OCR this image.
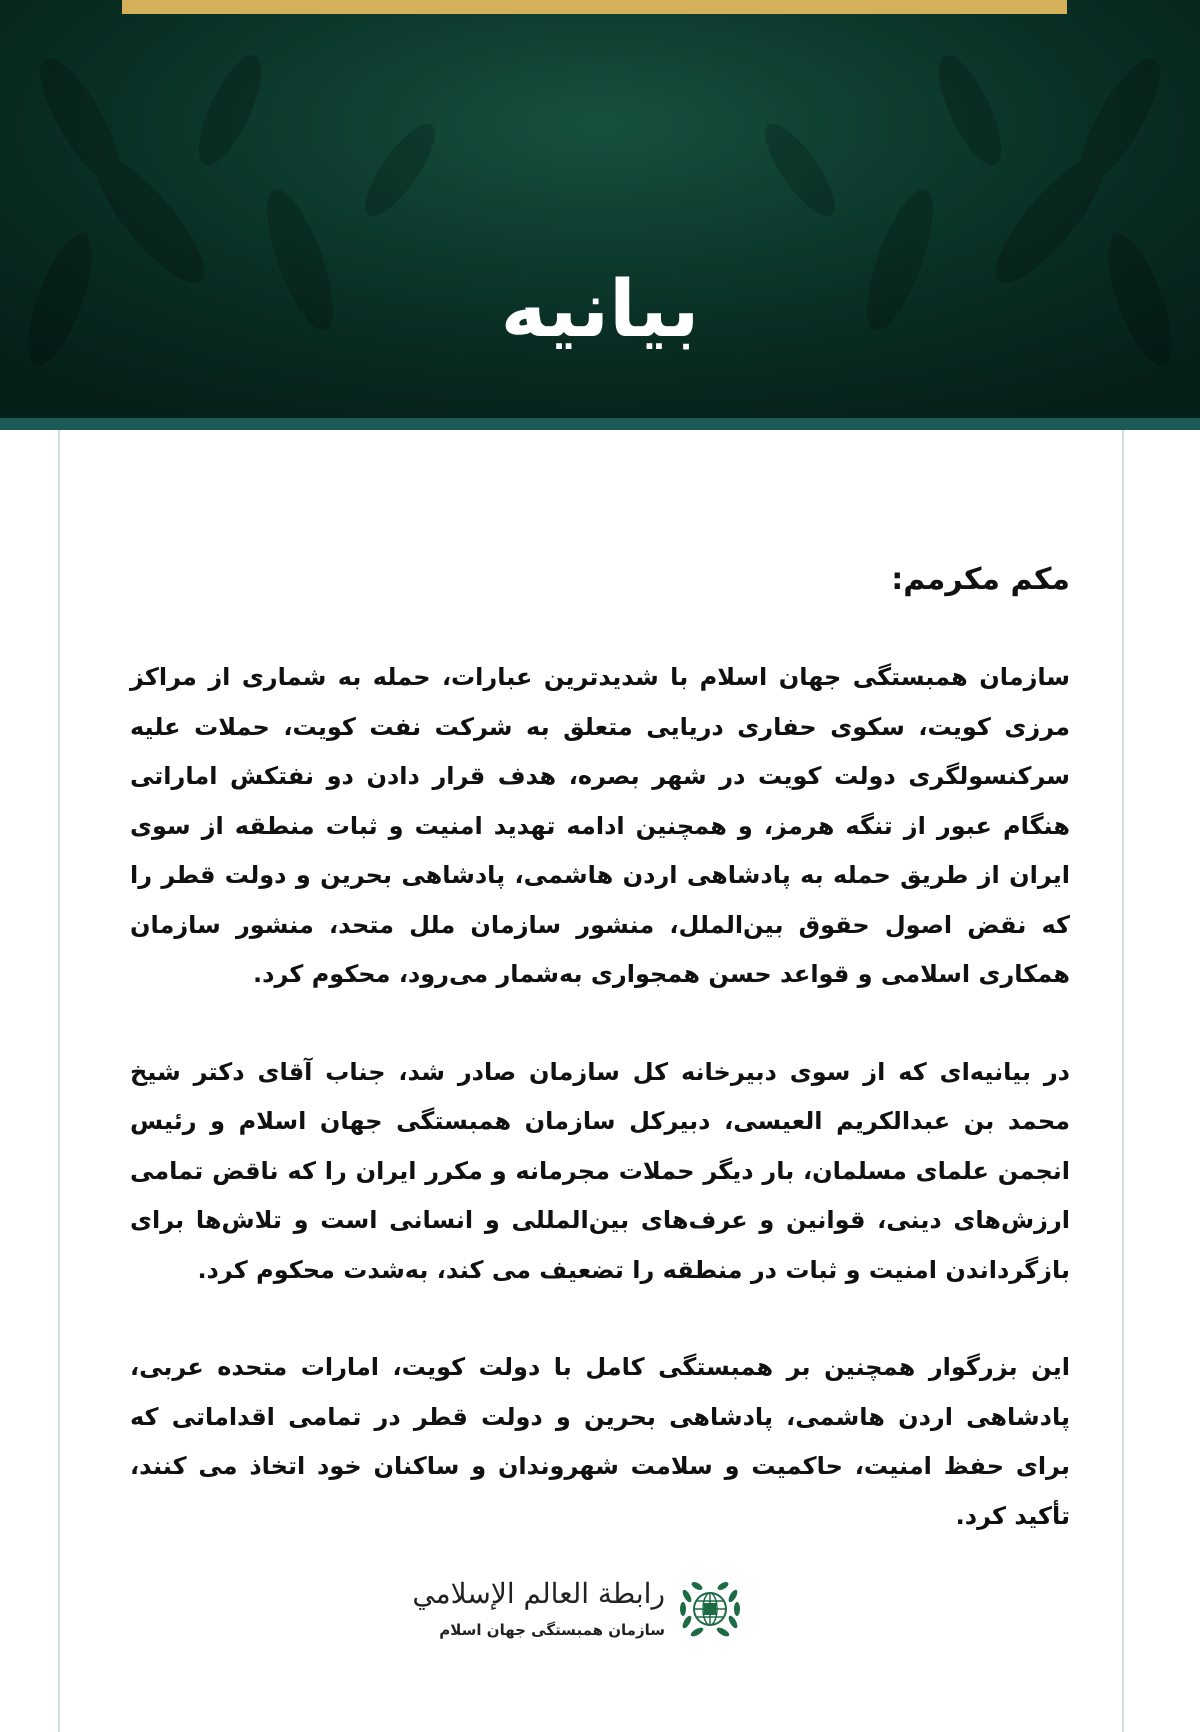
بیانیه

مکم مکرمم:

سازمان همبستگی جهان اسلام با شدیدترین عبارات، حمله به شماری از مراکز مرزی کویت، سکوی حفاری دریایی متعلق به شرکت نفت کویت، حملات علیه سرکنسولگری دولت کویت در شهر بصره، هدف قرار دادن دو نفتکش اماراتی هنگام عبور از تنگه هرمز، و همچنین ادامه تهدید امنیت و ثبات منطقه از سوی ایران از طریق حمله به پادشاهی اردن هاشمی، پادشاهی بحرین و دولت قطر را که نقض اصول حقوق بین‌الملل، منشور سازمان ملل متحد، منشور سازمان همکاری اسلامی و قواعد حسن همجواری به‌شمار می‌رود، محکوم کرد.

در بیانیه‌ای که از سوی دبیرخانه کل سازمان صادر شد، جناب آقای دکتر شیخ محمد بن عبدالکریم العیسی، دبیرکل سازمان همبستگی جهان اسلام و رئیس انجمن علمای مسلمان، بار دیگر حملات مجرمانه و مکرر ایران را که ناقض تمامی ارزش‌های دینی، قوانین و عرف‌های بین‌المللی و انسانی است و تلاش‌ها برای بازگرداندن امنیت و ثبات در منطقه را تضعیف می کند، به‌شدت محکوم کرد.

این بزرگوار همچنین بر همبستگی کامل با دولت کویت، امارات متحده عربی، پادشاهی اردن هاشمی، پادشاهی بحرین و دولت قطر در تمامی اقداماتی که برای حفظ امنیت، حاکمیت و سلامت شهروندان و ساکنان خود اتخاذ می کنند، تأکید کرد.

رابطة العالم الإسلامي
سازمان همبستگی جهان اسلام
